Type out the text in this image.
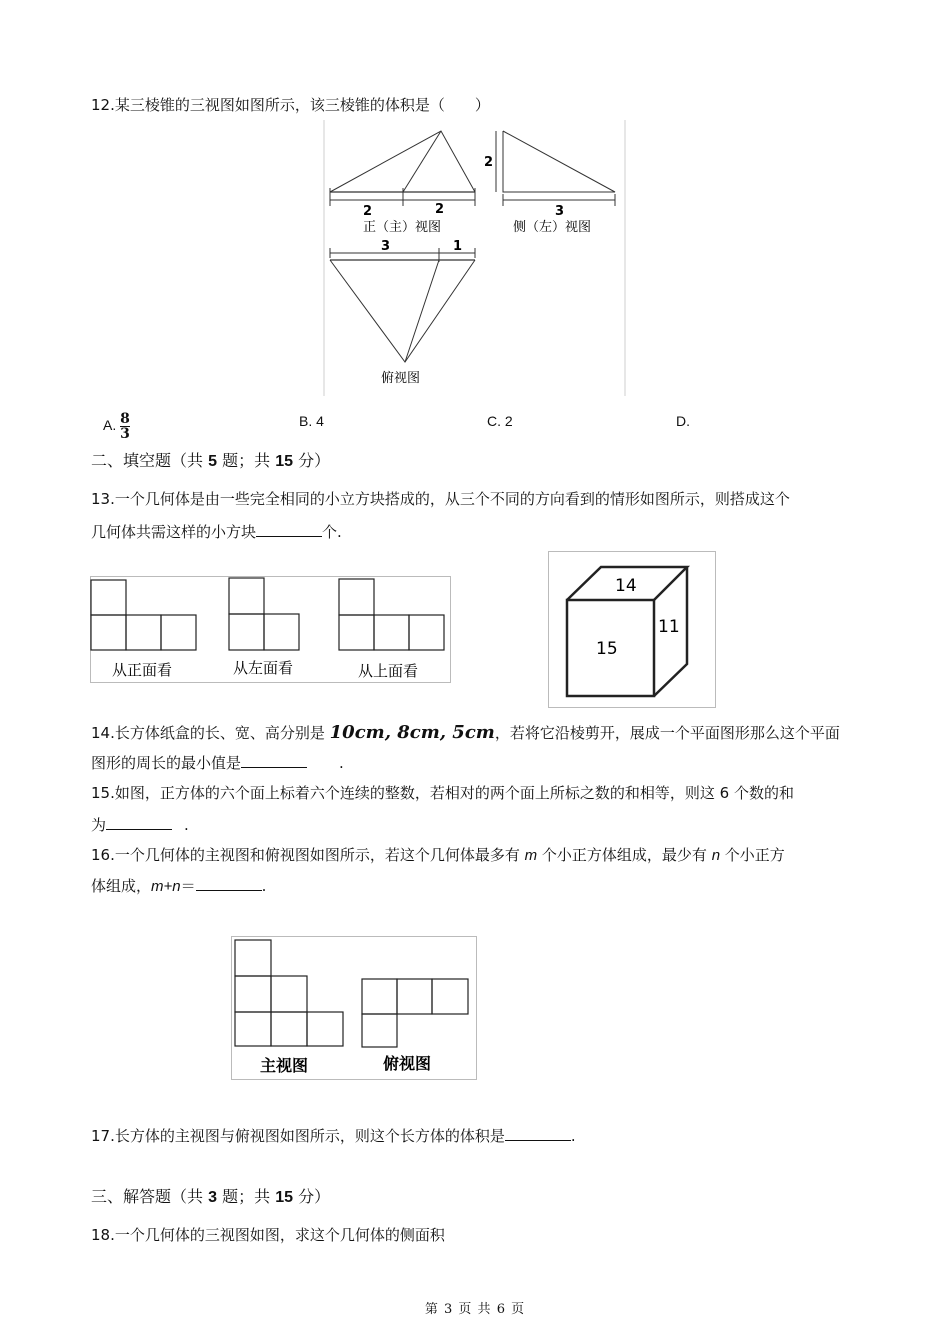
12.某三棱锥的三视图如图所示，该三棱锥的体积是（　　）
2	2
正（主）视图
2
3
侧（左）视图
3	1
俯视图
A. $\frac{8}{3}$	B. 4	C. 2	D.
二、填空题（共 5 题；共 15 分）
13.一个几何体是由一些完全相同的小立方块搭成的，从三个不同的方向看到的情形如图所示，则搭成这个
几何体共需这样的小方块	个.
从正面看	从左面看	从上面看
14
15
11
14.长方体纸盒的长、宽、高分别是 10cm, 8cm, 5cm，若将它沿棱剪开，展成一个平面图形那么这个平面
图形的周长的最小值是	.
15.如图，正方体的六个面上标着六个连续的整数，若相对的两个面上所标之数的和相等，则这 6 个数的和
为	.
16.一个几何体的主视图和俯视图如图所示，若这个几何体最多有 m 个小正方体组成，最少有 n 个小正方
体组成，m+n＝	.
主视图	俯视图
17.长方体的主视图与俯视图如图所示，则这个长方体的体积是	.
三、解答题（共 3 题；共 15 分）
18.一个几何体的三视图如图，求这个几何体的侧面积
第 3 页 共 6 页
